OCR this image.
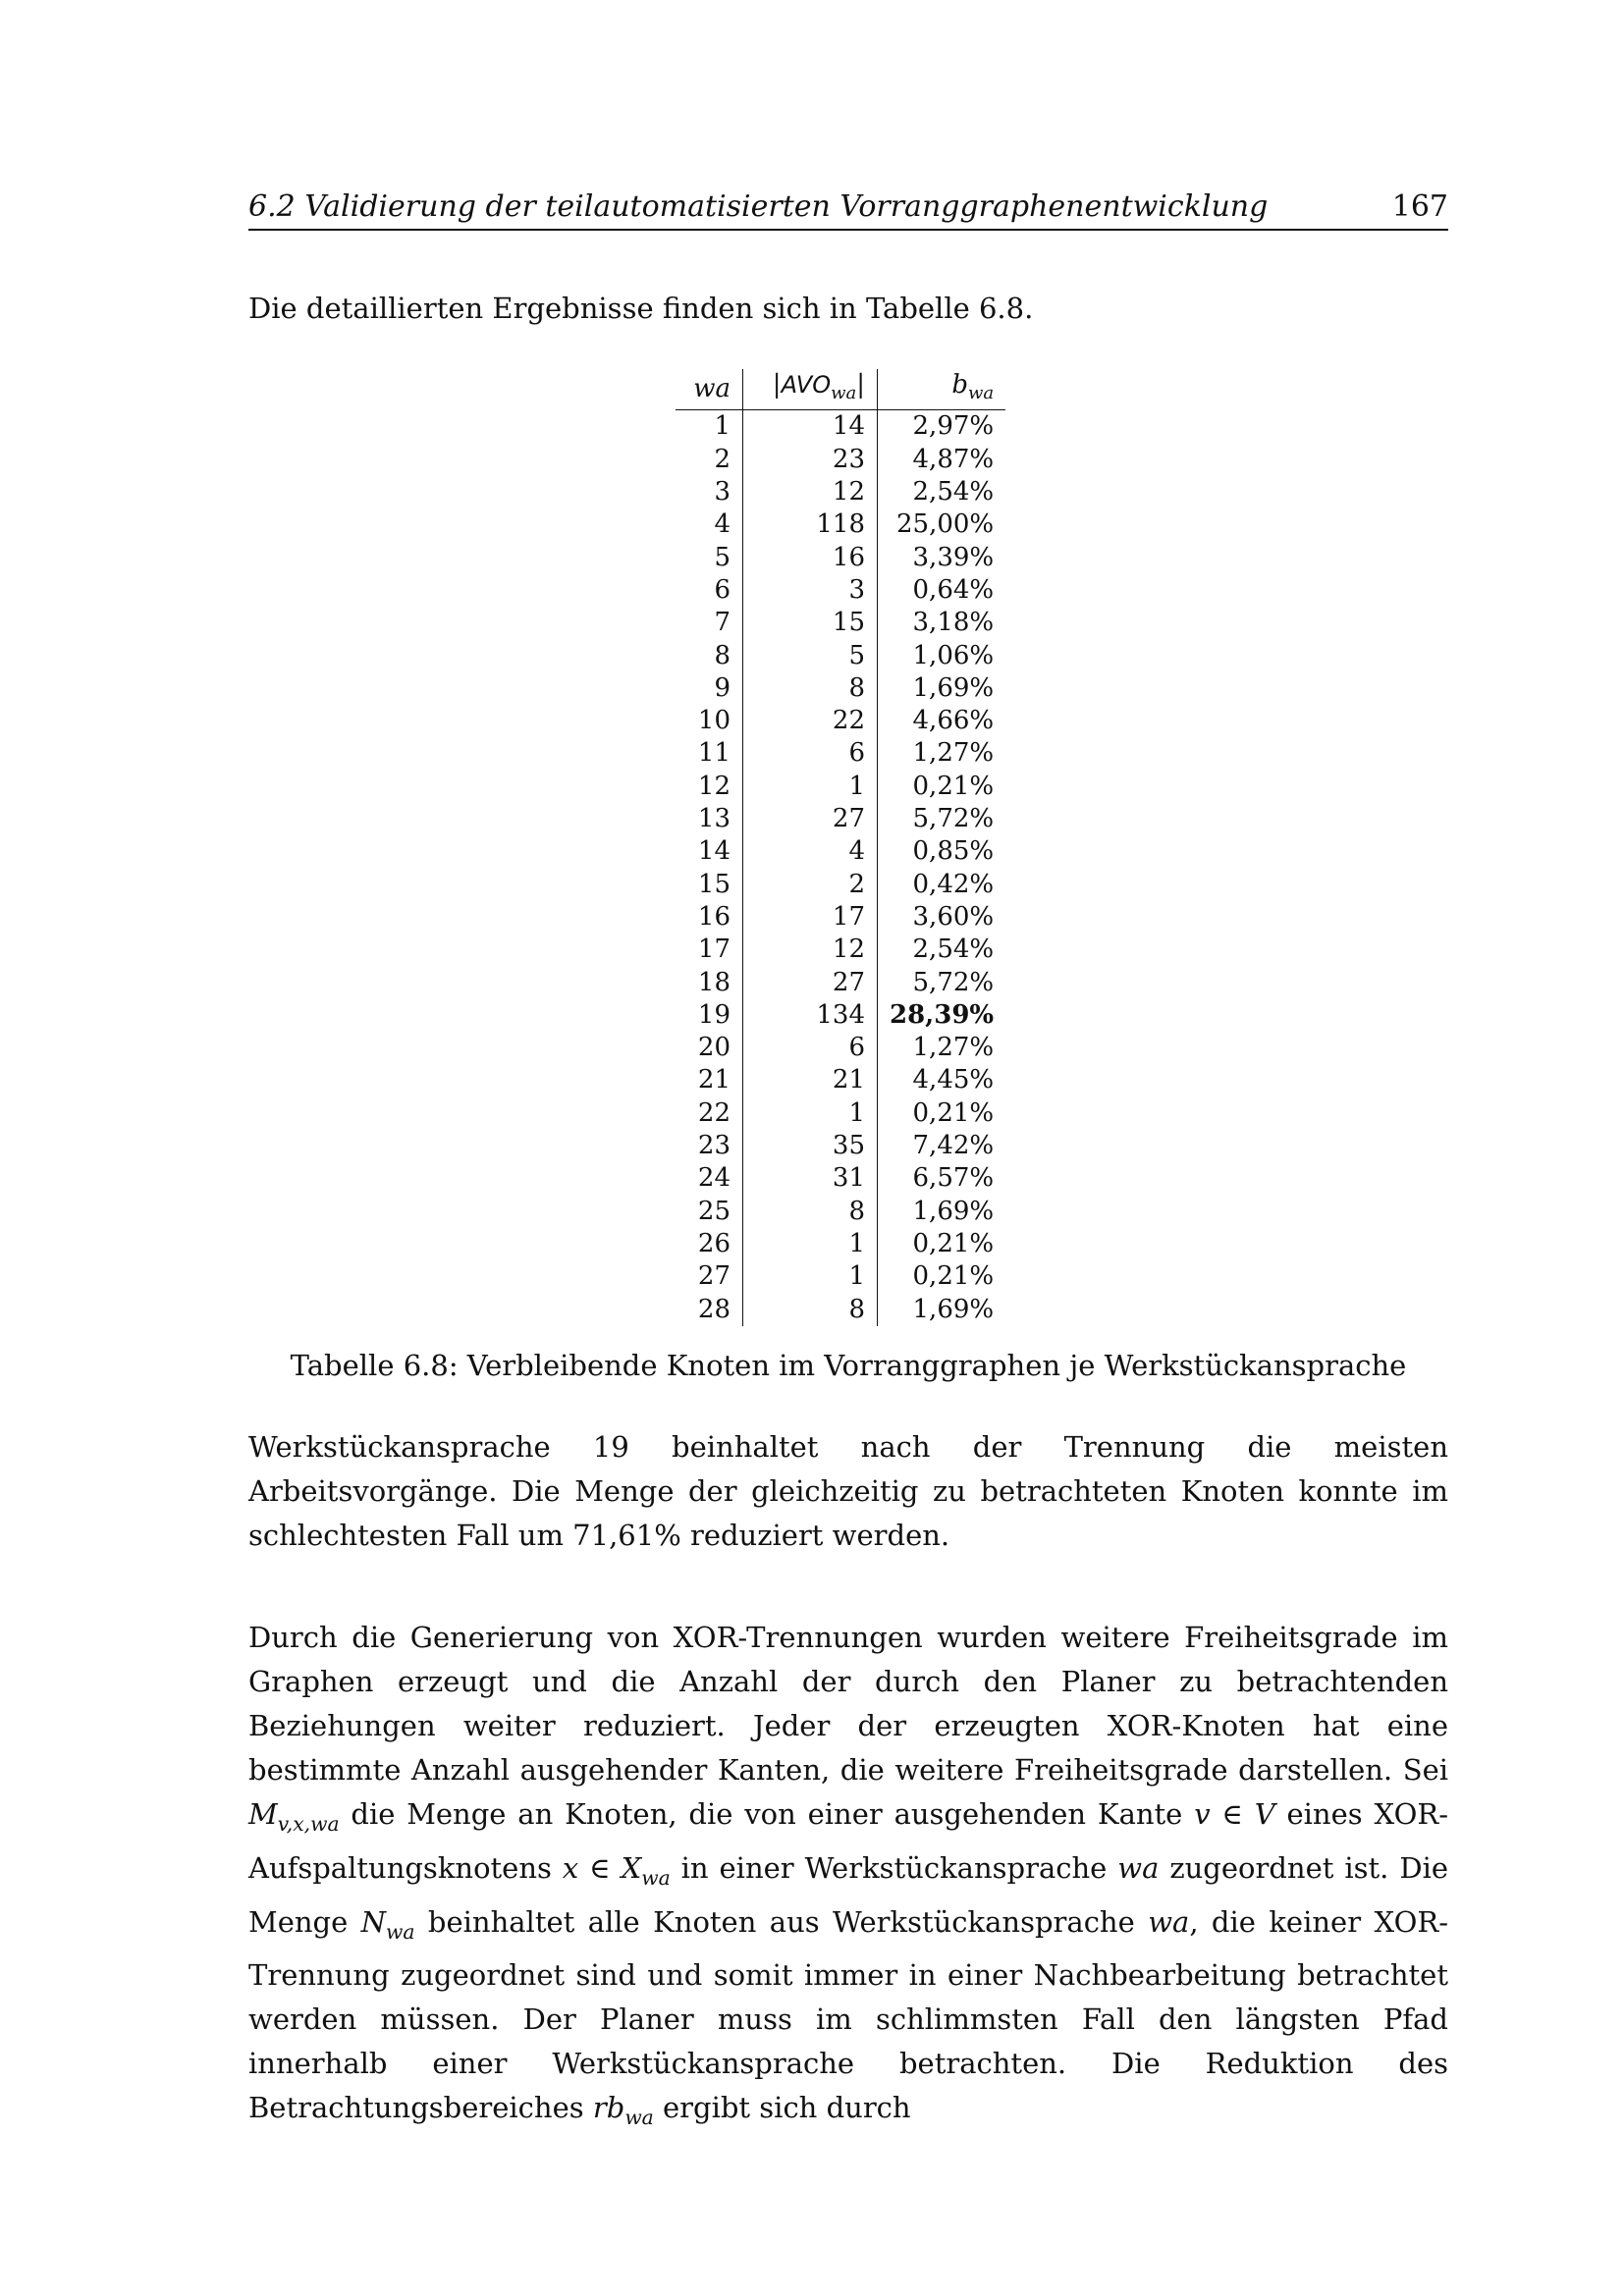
6.2 Validierung der teilautomatisierten Vorranggraphenentwicklung	167
Die detaillierten Ergebnisse finden sich in Tabelle 6.8.
wa	$|AVO_{wa}|$	$b_{wa}$
1	14	2,97%
2	23	4,87%
3	12	2,54%
4	118	25,00%
5	16	3,39%
6	3	0,64%
7	15	3,18%
8	5	1,06%
9	8	1,69%
10	22	4,66%
11	6	1,27%
12	1	0,21%
13	27	5,72%
14	4	0,85%
15	2	0,42%
16	17	3,60%
17	12	2,54%
18	27	5,72%
19	134	28,39%
20	6	1,27%
21	21	4,45%
22	1	0,21%
23	35	7,42%
24	31	6,57%
25	8	1,69%
26	1	0,21%
27	1	0,21%
28	8	1,69%
Tabelle 6.8: Verbleibende Knoten im Vorranggraphen je Werkstückansprache
Werkstückansprache 19 beinhaltet nach der Trennung die meisten Arbeitsvorgänge. Die Menge der gleichzeitig zu betrachteten Knoten konnte im schlechtesten Fall um 71,61% reduziert werden.
Durch die Generierung von XOR-Trennungen wurden weitere Freiheitsgrade im Graphen erzeugt und die Anzahl der durch den Planer zu betrachtenden Beziehungen weiter reduziert. Jeder der erzeugten XOR-Knoten hat eine bestimmte Anzahl ausgehender Kanten, die weitere Freiheitsgrade darstellen. Sei $M_{v,x,wa}$ die Menge an Knoten, die von einer ausgehenden Kante v ∈ V eines XOR-Aufspaltungsknotens x ∈ $X_{wa}$ in einer Werkstückansprache wa zugeordnet ist. Die Menge $N_{wa}$ beinhaltet alle Knoten aus Werkstückansprache wa, die keiner XOR-Trennung zugeordnet sind und somit immer in einer Nachbearbeitung betrachtet werden müssen. Der Planer muss im schlimmsten Fall den längsten Pfad innerhalb einer Werkstückansprache betrachten. Die Reduktion des Betrachtungsbereiches $rb_{wa}$ ergibt sich durch
